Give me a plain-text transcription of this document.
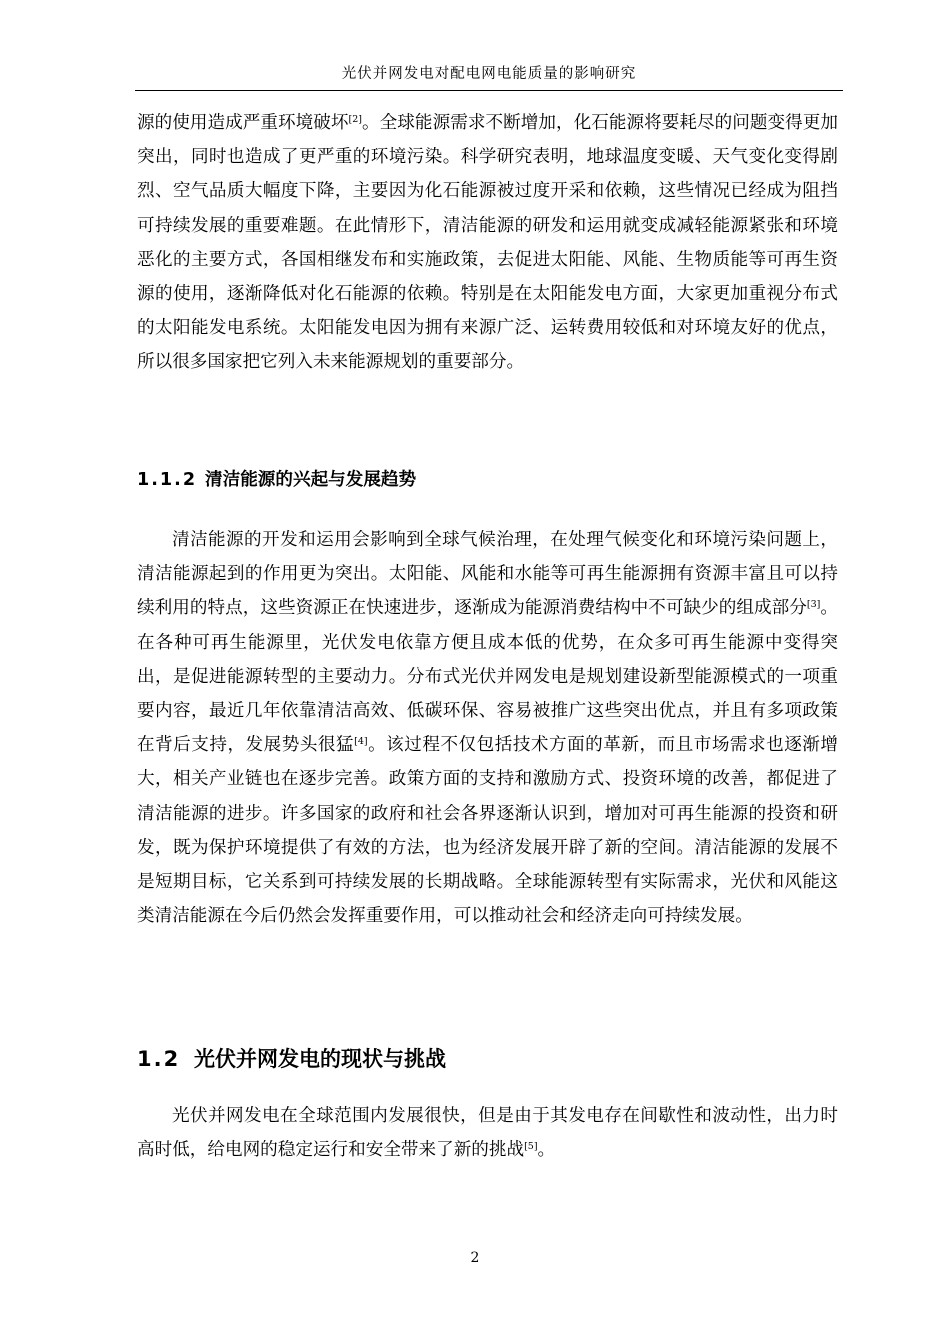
光伏并网发电对配电网电能质量的影响研究

源的使用造成严重环境破坏[2]。全球能源需求不断增加，化石能源将要耗尽的问题变得更加突出，同时也造成了更严重的环境污染。科学研究表明，地球温度变暖、天气变化变得剧烈、空气品质大幅度下降，主要因为化石能源被过度开采和依赖，这些情况已经成为阻挡可持续发展的重要难题。在此情形下，清洁能源的研发和运用就变成减轻能源紧张和环境恶化的主要方式，各国相继发布和实施政策，去促进太阳能、风能、生物质能等可再生资源的使用，逐渐降低对化石能源的依赖。特别是在太阳能发电方面，大家更加重视分布式的太阳能发电系统。太阳能发电因为拥有来源广泛、运转费用较低和对环境友好的优点，所以很多国家把它列入未来能源规划的重要部分。

1.1.2 清洁能源的兴起与发展趋势

清洁能源的开发和运用会影响到全球气候治理，在处理气候变化和环境污染问题上，清洁能源起到的作用更为突出。太阳能、风能和水能等可再生能源拥有资源丰富且可以持续利用的特点，这些资源正在快速进步，逐渐成为能源消费结构中不可缺少的组成部分[3]。在各种可再生能源里，光伏发电依靠方便且成本低的优势，在众多可再生能源中变得突出，是促进能源转型的主要动力。分布式光伏并网发电是规划建设新型能源模式的一项重要内容，最近几年依靠清洁高效、低碳环保、容易被推广这些突出优点，并且有多项政策在背后支持，发展势头很猛[4]。该过程不仅包括技术方面的革新，而且市场需求也逐渐增大，相关产业链也在逐步完善。政策方面的支持和激励方式、投资环境的改善，都促进了清洁能源的进步。许多国家的政府和社会各界逐渐认识到，增加对可再生能源的投资和研发，既为保护环境提供了有效的方法，也为经济发展开辟了新的空间。清洁能源的发展不是短期目标，它关系到可持续发展的长期战略。全球能源转型有实际需求，光伏和风能这类清洁能源在今后仍然会发挥重要作用，可以推动社会和经济走向可持续发展。

1.2 光伏并网发电的现状与挑战

光伏并网发电在全球范围内发展很快，但是由于其发电存在间歇性和波动性，出力时高时低，给电网的稳定运行和安全带来了新的挑战[5]。

2
